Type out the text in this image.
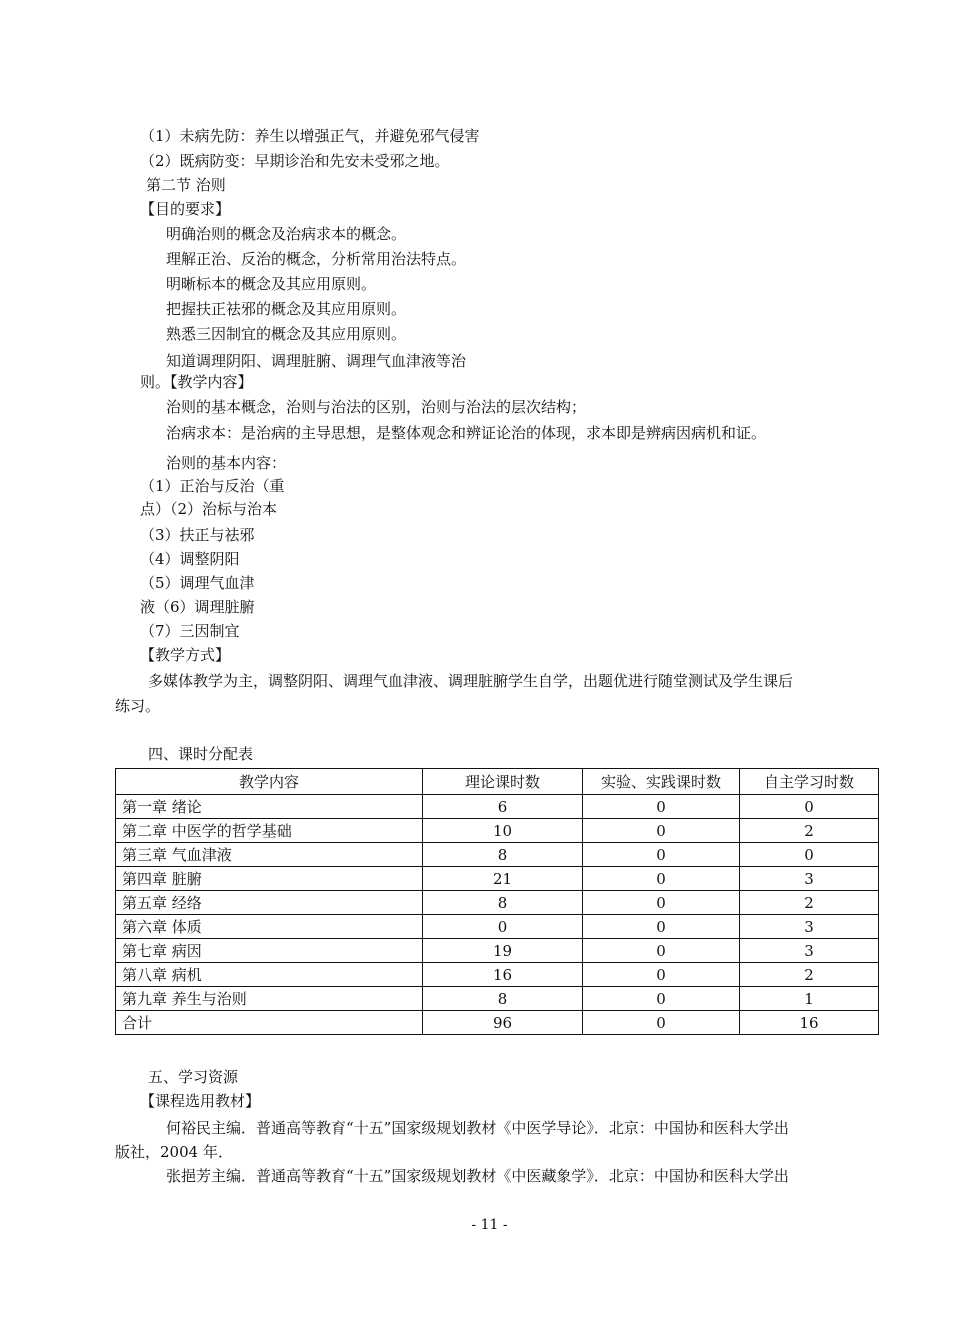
（1）未病先防：养生以增强正气，并避免邪气侵害
（2）既病防变：早期诊治和先安未受邪之地。
第二节 治则
【目的要求】
明确治则的概念及治病求本的概念。
理解正治、反治的概念，分析常用治法特点。
明晰标本的概念及其应用原则。
把握扶正祛邪的概念及其应用原则。
熟悉三因制宜的概念及其应用原则。
知道调理阴阳、调理脏腑、调理气血津液等治
则。【教学内容】
治则的基本概念，治则与治法的区别，治则与治法的层次结构；
治病求本：是治病的主导思想，是整体观念和辨证论治的体现，求本即是辨病因病机和证。
治则的基本内容：
（1）正治与反治（重
点）（2）治标与治本
（3）扶正与祛邪
（4）调整阴阳
（5）调理气血津
液（6）调理脏腑
（7）三因制宜
【教学方式】
多媒体教学为主，调整阴阳、调理气血津液、调理脏腑学生自学，出题优进行随堂测试及学生课后
练习。
四、课时分配表
教学内容	理论课时数	实验、实践课时数	自主学习时数
第一章 绪论	6	0	0
第二章 中医学的哲学基础	10	0	2
第三章 气血津液	8	0	0
第四章 脏腑	21	0	3
第五章 经络	8	0	2
第六章 体质	0	0	3
第七章 病因	19	0	3
第八章 病机	16	0	2
第九章 养生与治则	8	0	1
合计	96	0	16
五、学习资源
【课程选用教材】
何裕民主编．普通高等教育“十五”国家级规划教材《中医学导论》．北京：中国协和医科大学出
版社，2004 年．
张挹芳主编．普通高等教育“十五”国家级规划教材《中医藏象学》．北京：中国协和医科大学出
- 11 -
